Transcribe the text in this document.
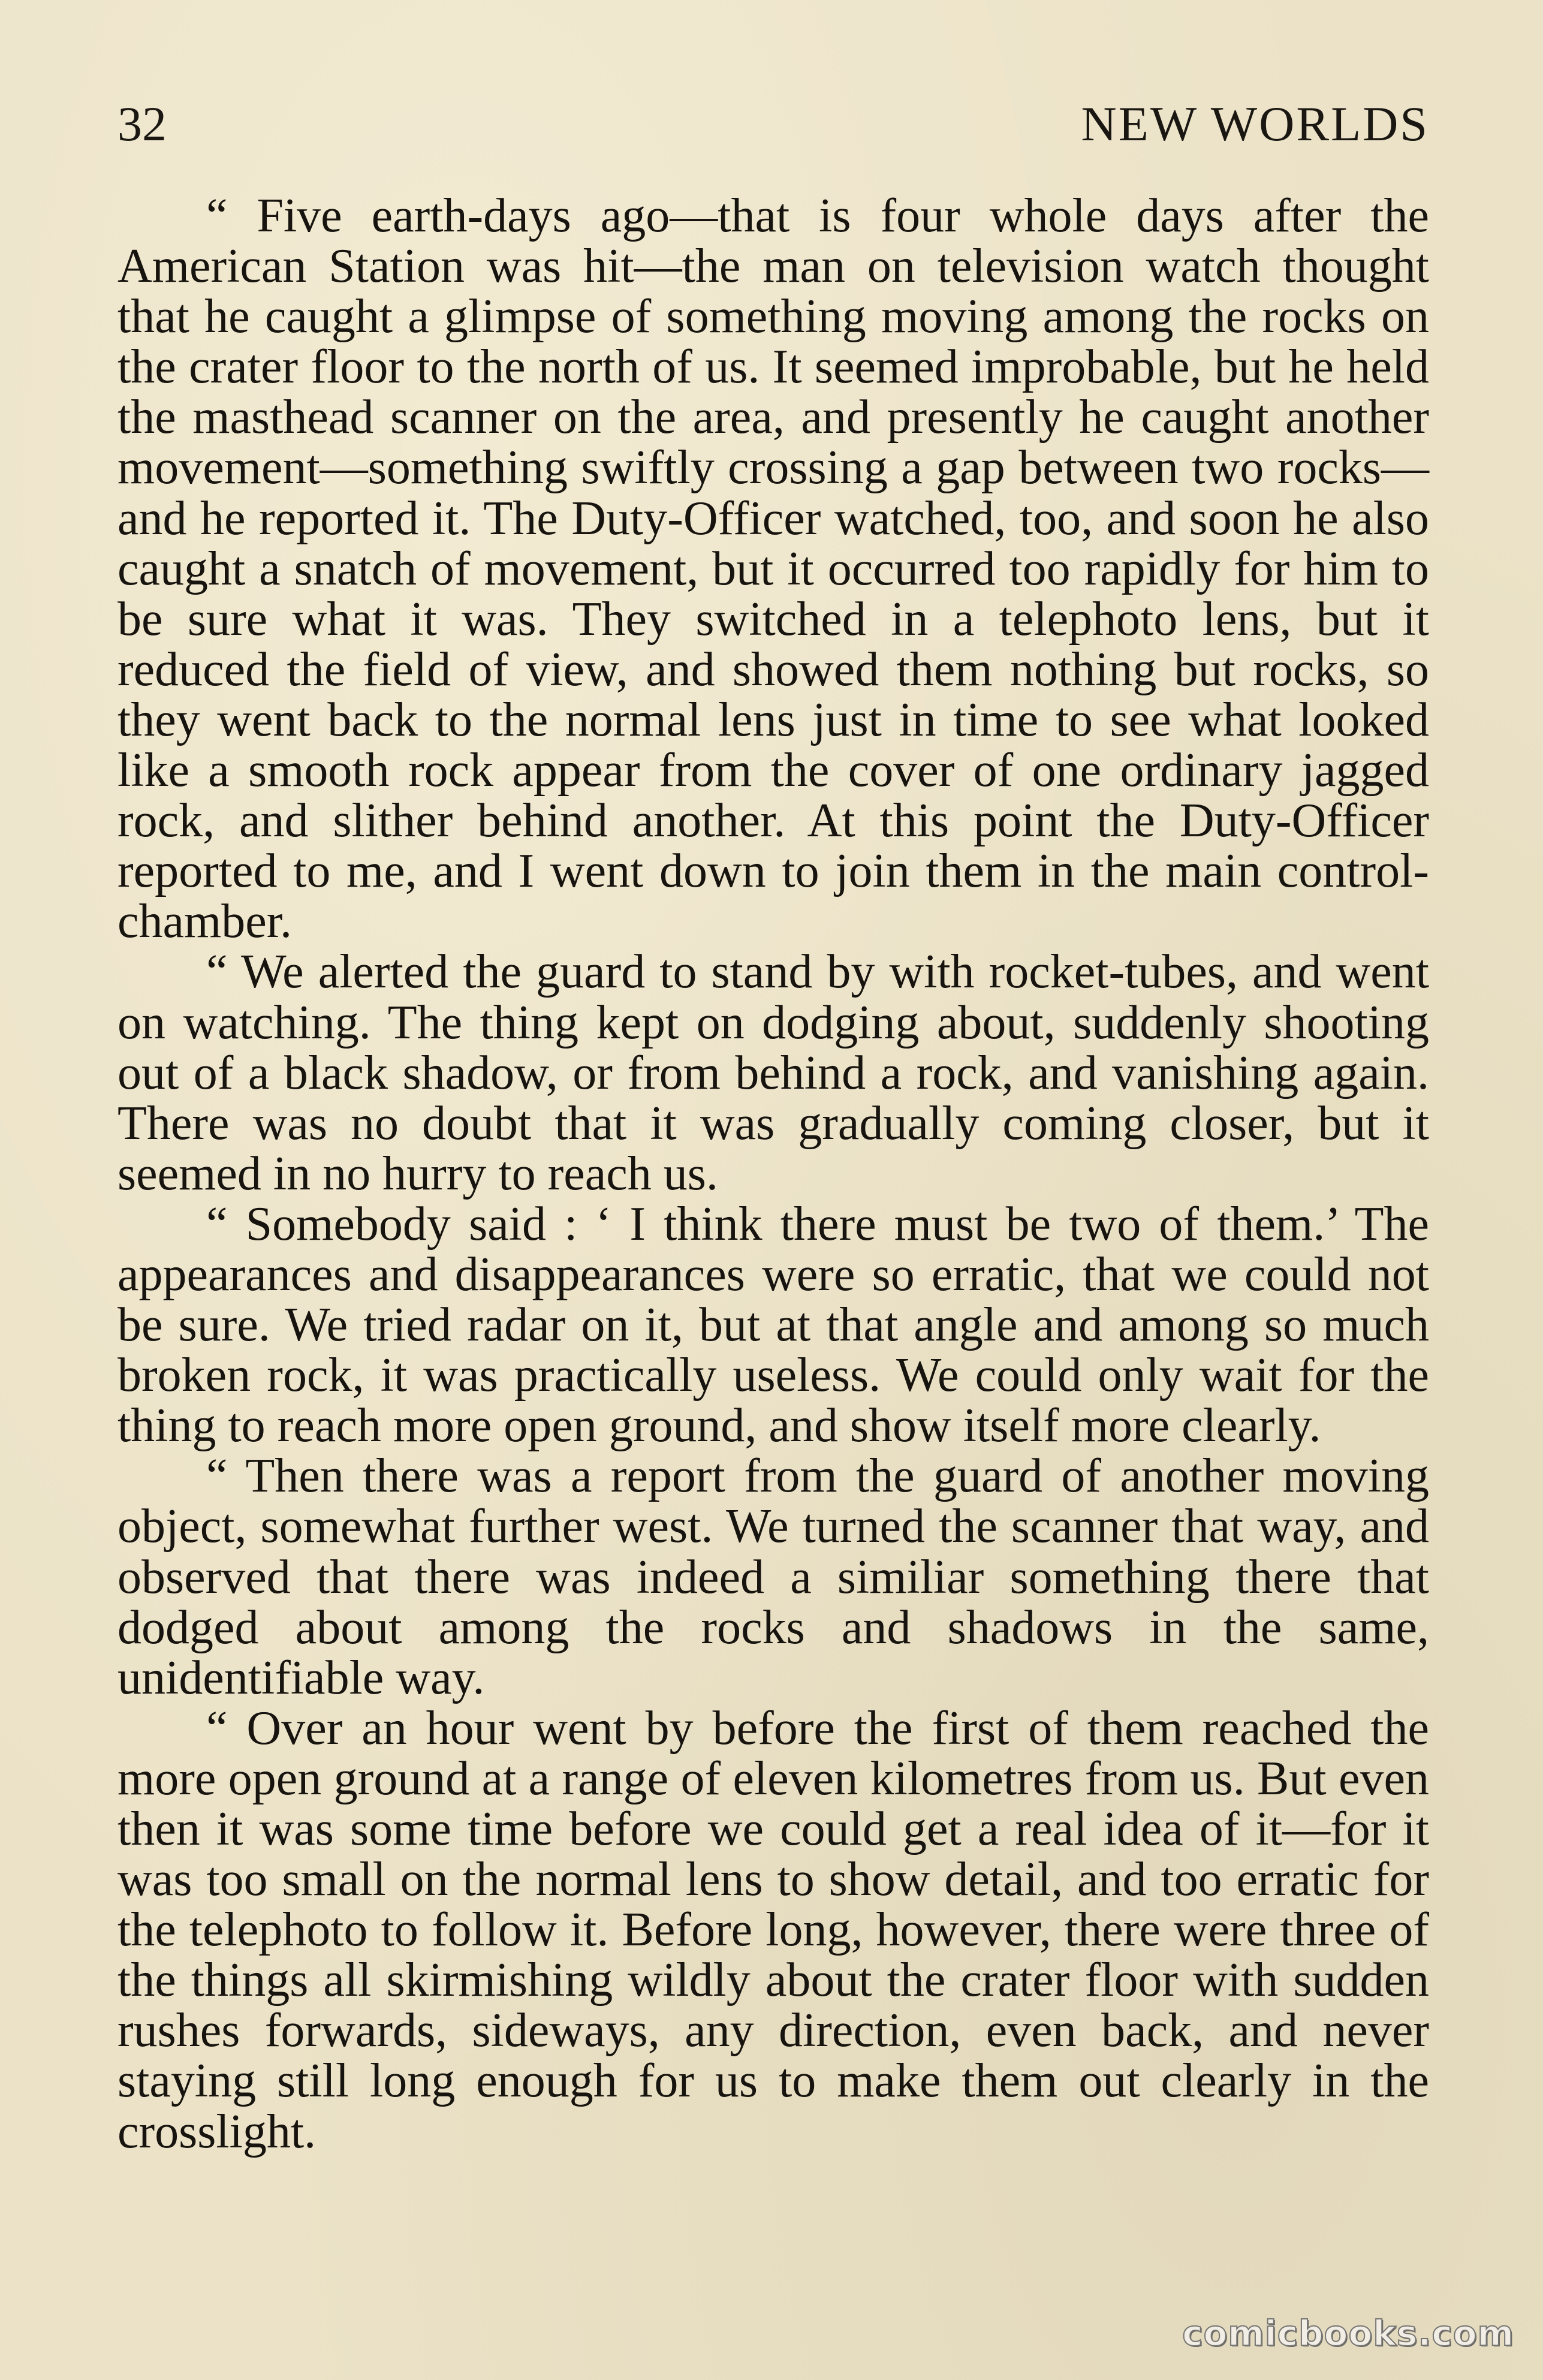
32	NEW WORLDS

“ Five earth-days ago—that is four whole days after the American Station was hit—the man on television watch thought that he caught a glimpse of something moving among the rocks on the crater floor to the north of us. It seemed improbable, but he held the masthead scanner on the area, and presently he caught another movement—something swiftly crossing a gap between two rocks—and he reported it. The Duty-Officer watched, too, and soon he also caught a snatch of movement, but it occurred too rapidly for him to be sure what it was. They switched in a telephoto lens, but it reduced the field of view, and showed them nothing but rocks, so they went back to the normal lens just in time to see what looked like a smooth rock appear from the cover of one ordinary jagged rock, and slither behind another. At this point the Duty-Officer reported to me, and I went down to join them in the main control-chamber.

“ We alerted the guard to stand by with rocket-tubes, and went on watching. The thing kept on dodging about, suddenly shooting out of a black shadow, or from behind a rock, and vanishing again. There was no doubt that it was gradually coming closer, but it seemed in no hurry to reach us.

“ Somebody said : ‘ I think there must be two of them.’ The appearances and disappearances were so erratic, that we could not be sure. We tried radar on it, but at that angle and among so much broken rock, it was practically useless. We could only wait for the thing to reach more open ground, and show itself more clearly.

“ Then there was a report from the guard of another moving object, somewhat further west. We turned the scanner that way, and observed that there was indeed a similiar something there that dodged about among the rocks and shadows in the same, unidentifiable way.

“ Over an hour went by before the first of them reached the more open ground at a range of eleven kilometres from us. But even then it was some time before we could get a real idea of it—for it was too small on the normal lens to show detail, and too erratic for the telephoto to follow it. Before long, however, there were three of the things all skirmishing wildly about the crater floor with sudden rushes forwards, sideways, any direction, even back, and never staying still long enough for us to make them out clearly in the crosslight.

comicbooks.com
